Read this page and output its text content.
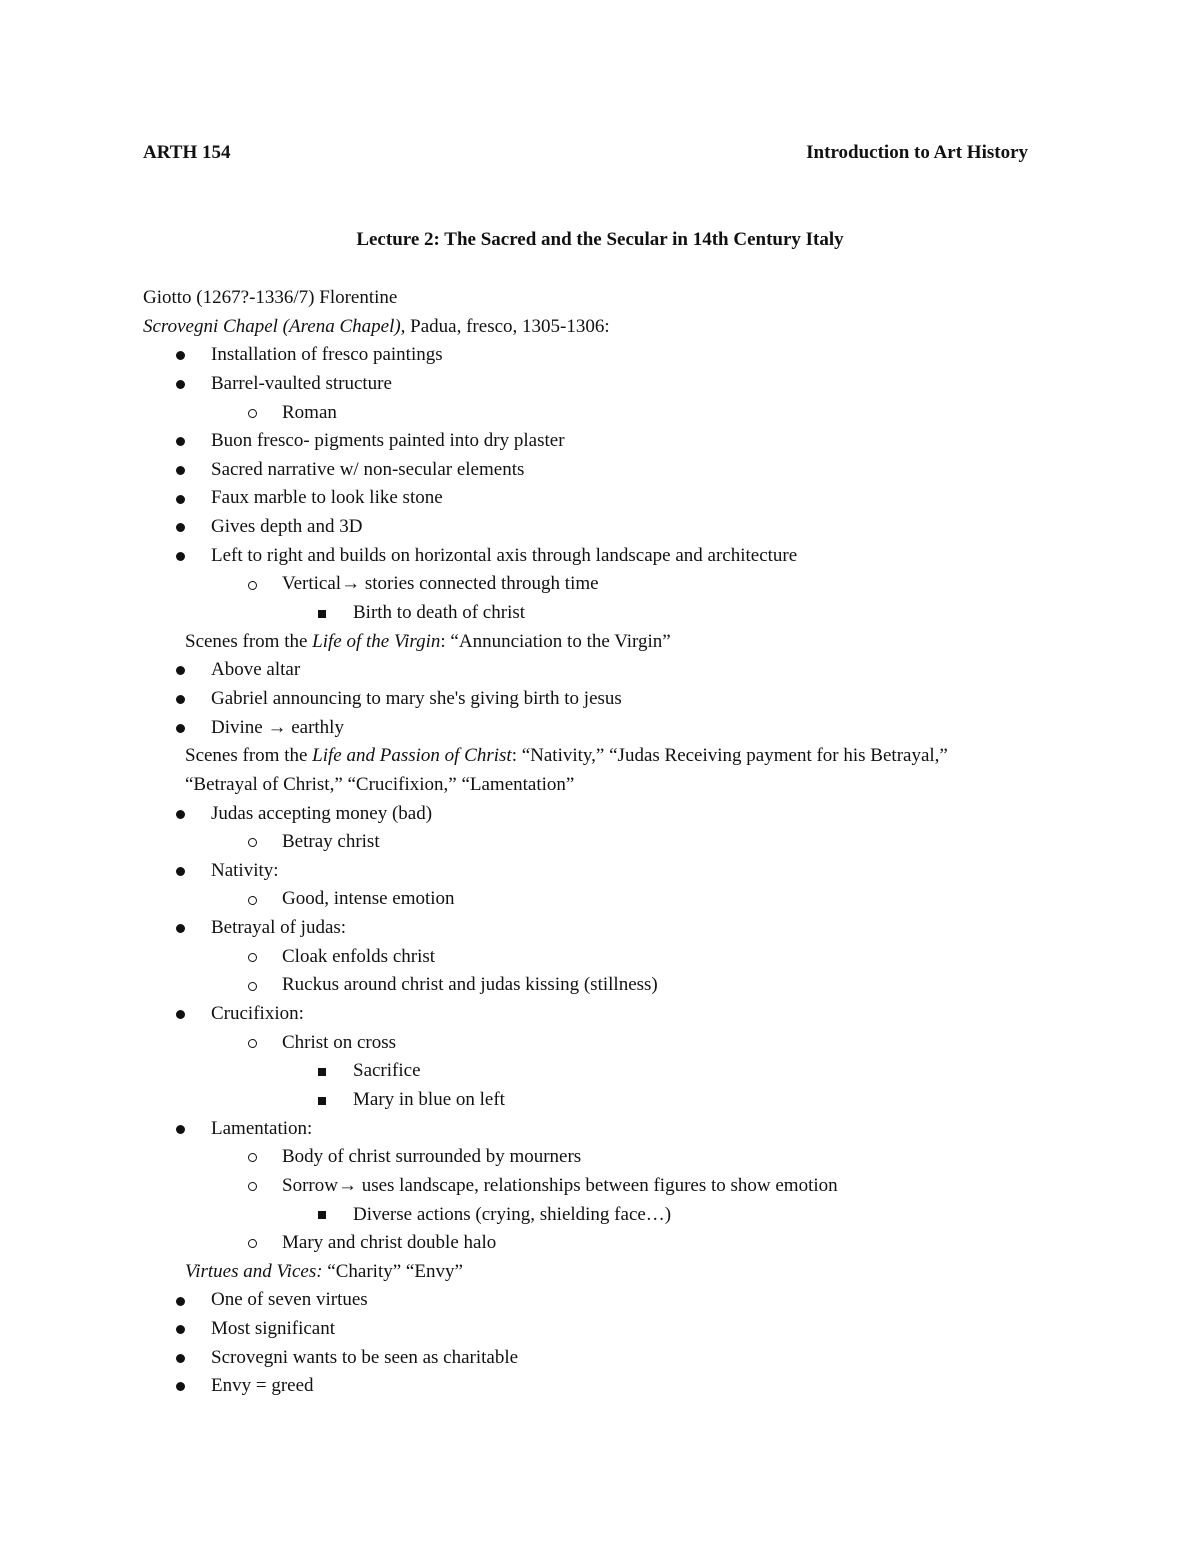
ARTH 154	Introduction to Art History
Lecture 2: The Sacred and the Secular in 14th Century Italy
Giotto (1267?-1336/7) Florentine
Scrovegni Chapel (Arena Chapel), Padua, fresco, 1305-1306:
Installation of fresco paintings
Barrel-vaulted structure
Roman
Buon fresco- pigments painted into dry plaster
Sacred narrative w/ non-secular elements
Faux marble to look like stone
Gives depth and 3D
Left to right and builds on horizontal axis through landscape and architecture
Vertical→ stories connected through time
Birth to death of christ
Scenes from the Life of the Virgin: “Annunciation to the Virgin”
Above altar
Gabriel announcing to mary she's giving birth to jesus
Divine → earthly
Scenes from the Life and Passion of Christ: “Nativity,” “Judas Receiving payment for his Betrayal,”
“Betrayal of Christ,” “Crucifixion,” “Lamentation”
Judas accepting money (bad)
Betray christ
Nativity:
Good, intense emotion
Betrayal of judas:
Cloak enfolds christ
Ruckus around christ and judas kissing (stillness)
Crucifixion:
Christ on cross
Sacrifice
Mary in blue on left
Lamentation:
Body of christ surrounded by mourners
Sorrow→ uses landscape, relationships between figures to show emotion
Diverse actions (crying, shielding face…)
Mary and christ double halo
Virtues and Vices: “Charity” “Envy”
One of seven virtues
Most significant
Scrovegni wants to be seen as charitable
Envy = greed
